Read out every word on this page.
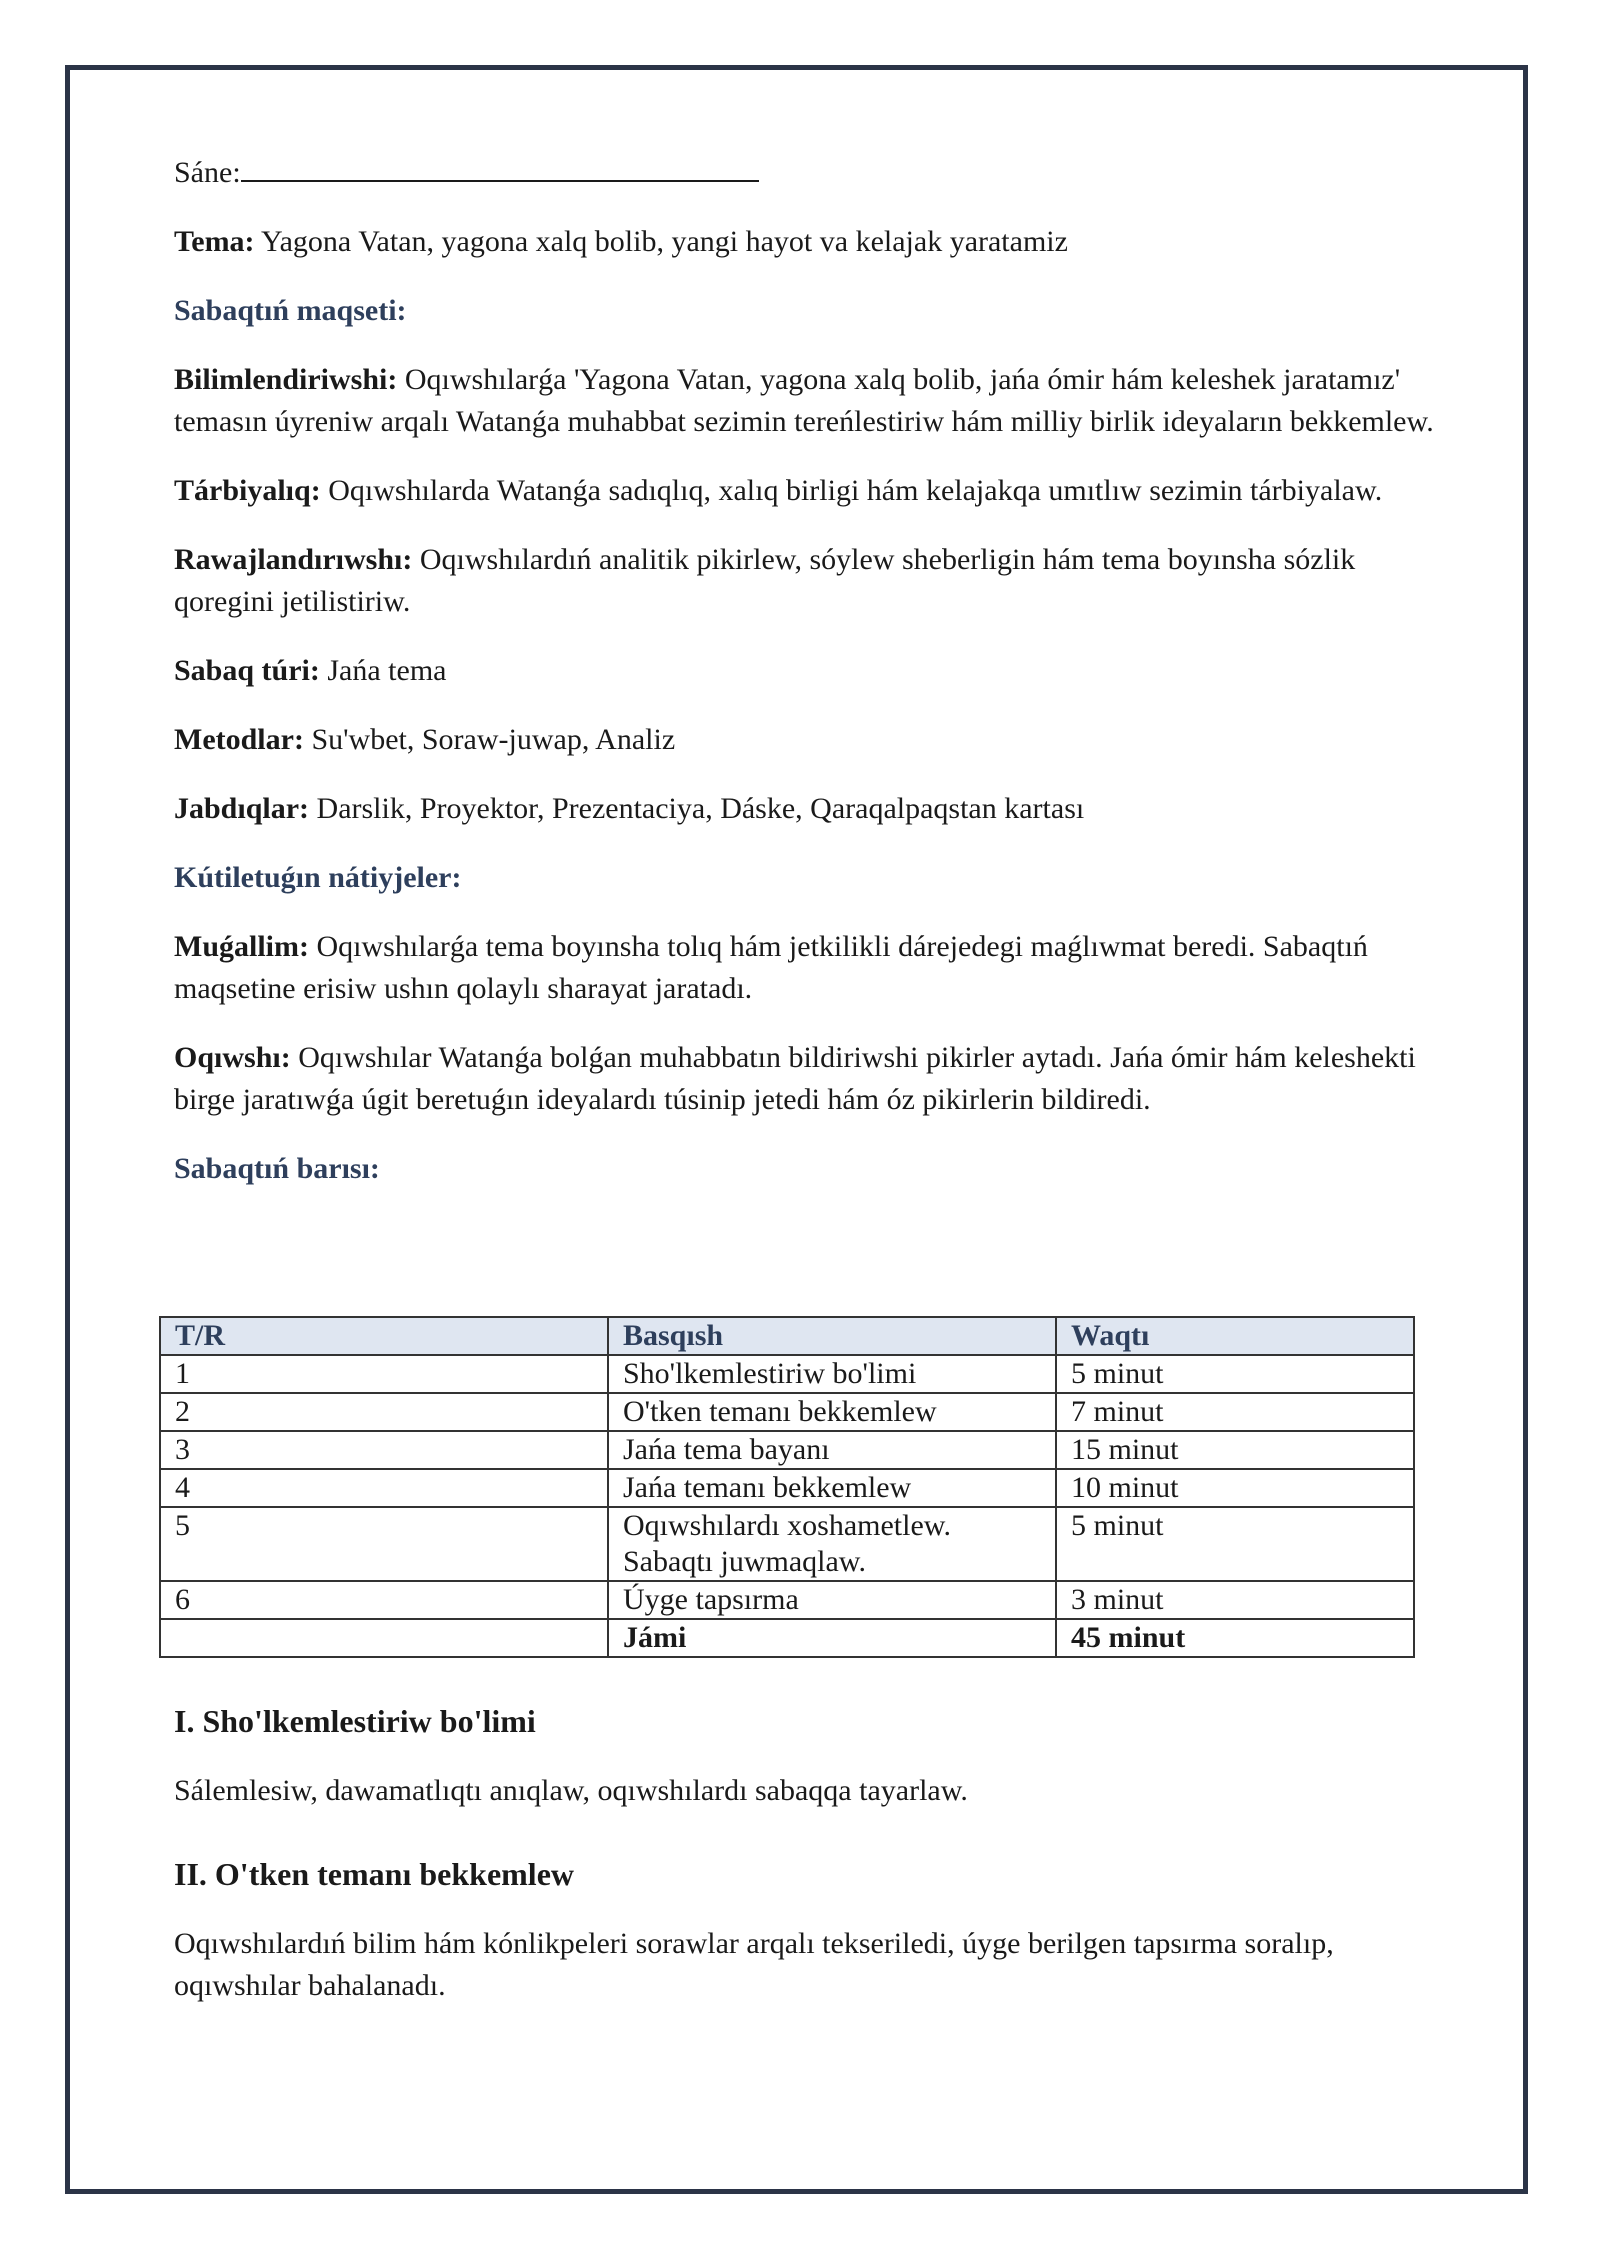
Sáne:

Tema: Yagona Vatan, yagona xalq bolib, yangi hayot va kelajak yaratamiz

Sabaqtıń maqseti:

Bilimlendiriwshi: Oqıwshılarǵa 'Yagona Vatan, yagona xalq bolib, jańa ómir hám keleshek jaratamız' temasın úyreniw arqalı Watanǵa muhabbat sezimin tereńlestiriw hám milliy birlik ideyaların bekkemlew.

Tárbiyalıq: Oqıwshılarda Watanǵa sadıqlıq, xalıq birligi hám kelajakqa umıtlıw sezimin tárbiyalaw.

Rawajlandırıwshı: Oqıwshılardıń analitik pikirlew, sóylew sheberligin hám tema boyınsha sózlik qoregini jetilistiriw.

Sabaq túri: Jańa tema

Metodlar: Su'wbet, Soraw-juwap, Analiz

Jabdıqlar: Darslik, Proyektor, Prezentaciya, Dáske, Qaraqalpaqstan kartası

Kútiletuǵın nátiyjeler:

Muǵallim: Oqıwshılarǵa tema boyınsha tolıq hám jetkilikli dárejedegi maǵlıwmat beredi. Sabaqtıń maqsetine erisiw ushın qolaylı sharayat jaratadı.

Oqıwshı: Oqıwshılar Watanǵa bolǵan muhabbatın bildiriwshi pikirler aytadı. Jańa ómir hám keleshekti birge jaratıwǵa úgit beretuǵın ideyalardı túsinip jetedi hám óz pikirlerin bildiredi.

Sabaqtıń barısı:

T/R	Basqısh	Waqtı
1	Sho'lkemlestiriw bo'limi	5 minut
2	O'tken temanı bekkemlew	7 minut
3	Jańa tema bayanı	15 minut
4	Jańa temanı bekkemlew	10 minut
5	Oqıwshılardı xoshametlew. Sabaqtı juwmaqlaw.	5 minut
6	Úyge tapsırma	3 minut
	Jámi	45 minut
I. Sho'lkemlestiriw bo'limi

Sálemlesiw, dawamatlıqtı anıqlaw, oqıwshılardı sabaqqa tayarlaw.

II. O'tken temanı bekkemlew

Oqıwshılardıń bilim hám kónlikpeleri sorawlar arqalı tekseriledi, úyge berilgen tapsırma soralıp, oqıwshılar bahalanadı.
